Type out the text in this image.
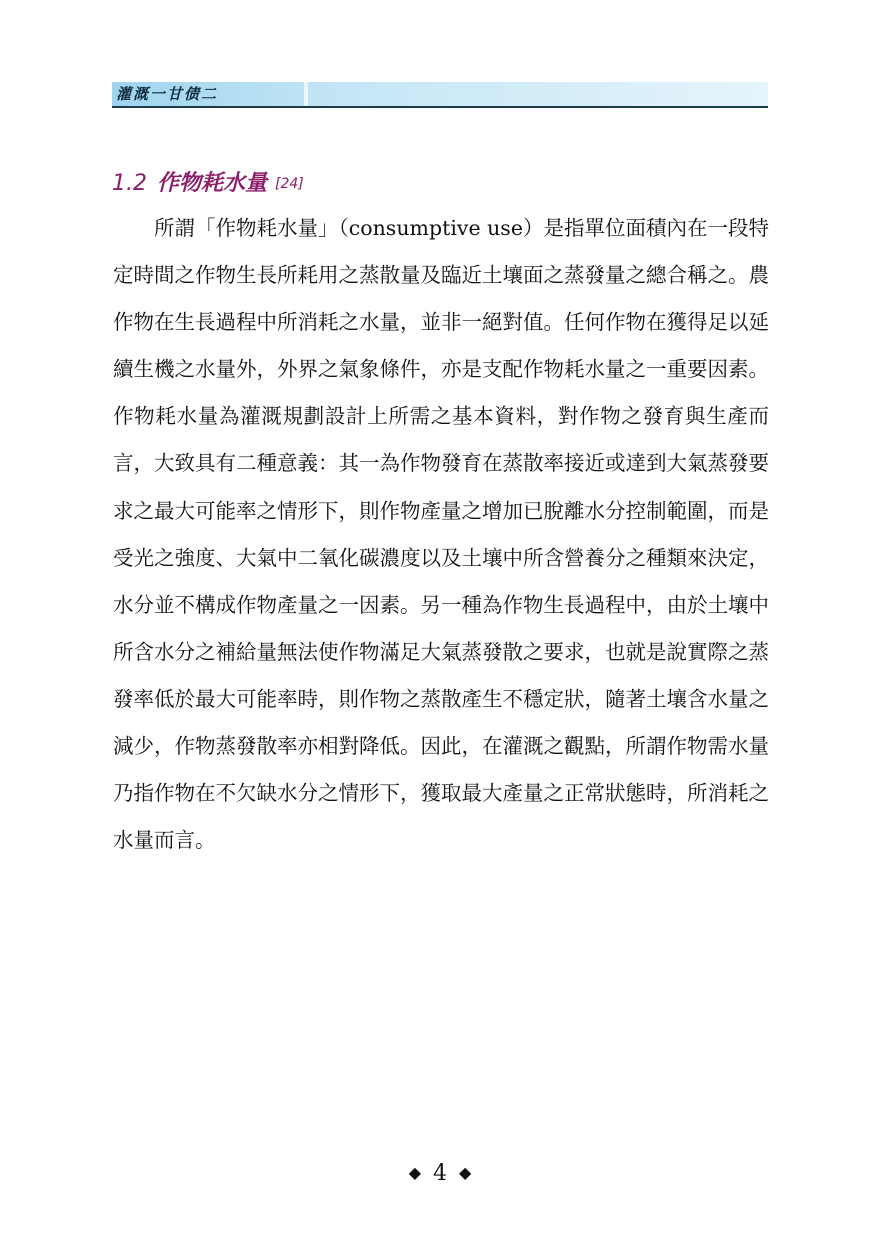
灌溉一甘债二
1.2 作物耗水量 [24]

所謂「作物耗水量」（consumptive use）是指單位面積內在一段特定時間之作物生長所耗用之蒸散量及臨近土壤面之蒸發量之總合稱之。農作物在生長過程中所消耗之水量，並非一絕對值。任何作物在獲得足以延續生機之水量外，外界之氣象條件，亦是支配作物耗水量之一重要因素。

作物耗水量為灌溉規劃設計上所需之基本資料，對作物之發育與生產而言，大致具有二種意義：其一為作物發育在蒸散率接近或達到大氣蒸發要求之最大可能率之情形下，則作物產量之增加已脫離水分控制範圍，而是受光之強度、大氣中二氧化碳濃度以及土壤中所含營養分之種類來決定，水分並不構成作物產量之一因素。另一種為作物生長過程中，由於土壤中所含水分之補給量無法使作物滿足大氣蒸發散之要求，也就是說實際之蒸發率低於最大可能率時，則作物之蒸散產生不穩定狀，隨著土壤含水量之減少，作物蒸發散率亦相對降低。因此，在灌溉之觀點，所謂作物需水量乃指作物在不欠缺水分之情形下，獲取最大產量之正常狀態時，所消耗之水量而言。

◆ 4 ◆
